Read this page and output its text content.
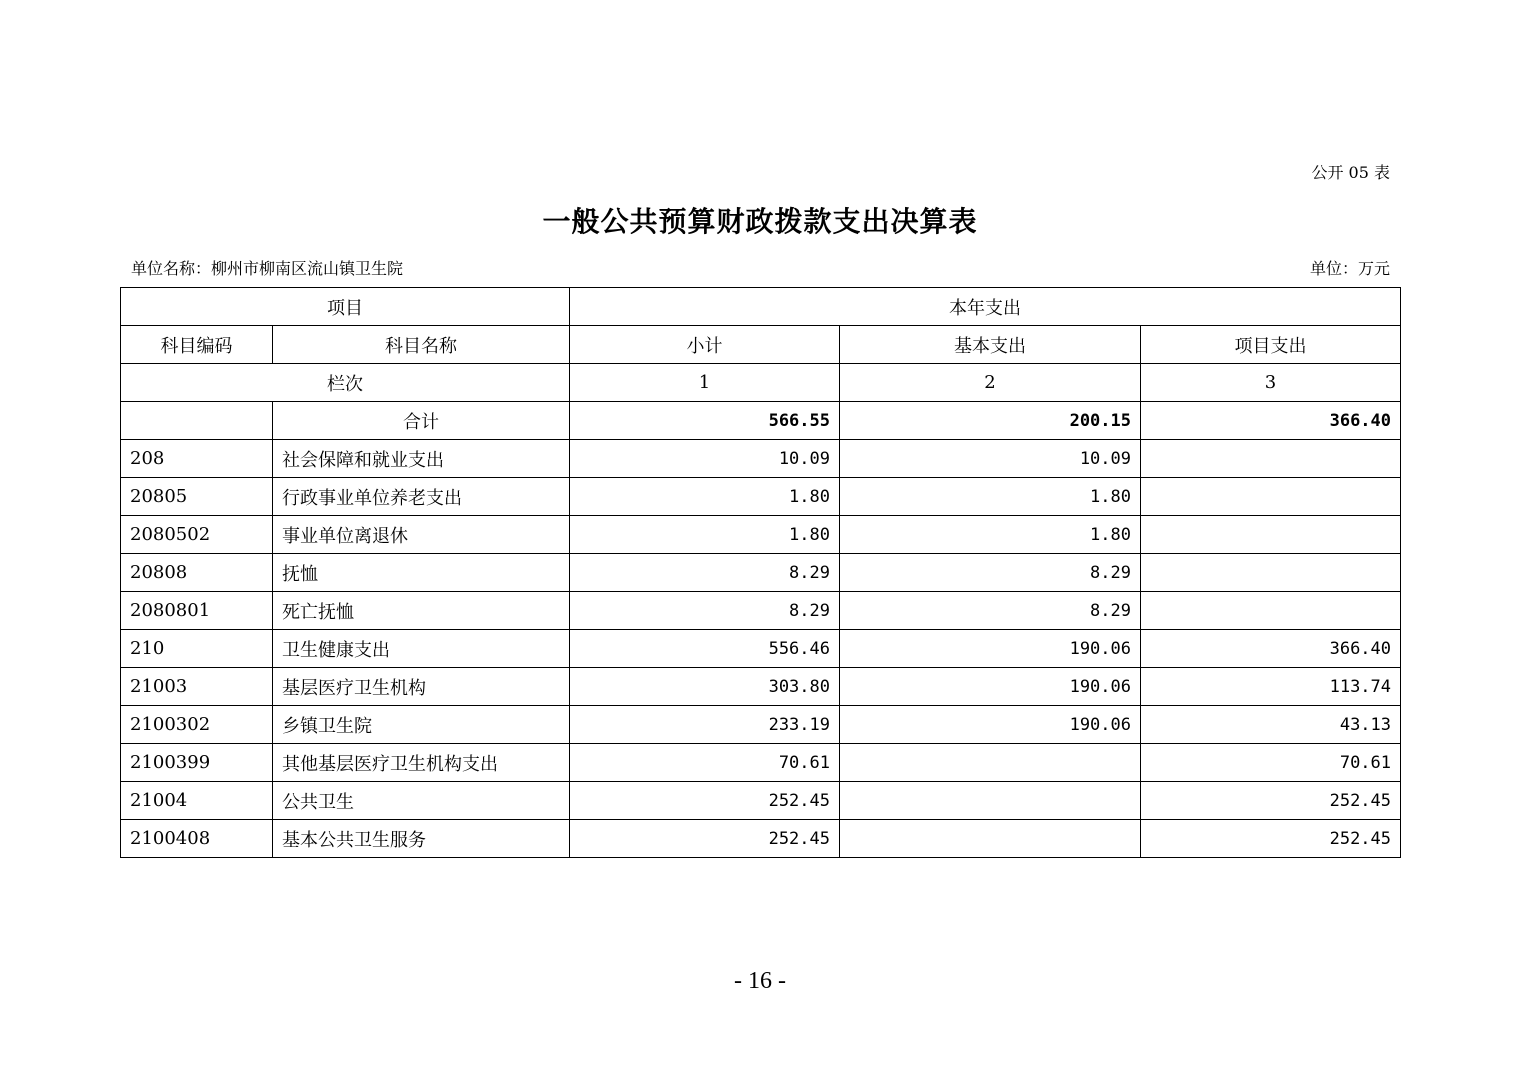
公开 05 表
一般公共预算财政拨款支出决算表
单位名称：柳州市柳南区流山镇卫生院	单位：万元
项目		本年支出		
科目编码	科目名称	小计	基本支出	项目支出
栏次		1	2	3
	合计	566.55	200.15	366.40
208	社会保障和就业支出	10.09	10.09	
20805	行政事业单位养老支出	1.80	1.80	
2080502	事业单位离退休	1.80	1.80	
20808	抚恤	8.29	8.29	
2080801	死亡抚恤	8.29	8.29	
210	卫生健康支出	556.46	190.06	366.40
21003	基层医疗卫生机构	303.80	190.06	113.74
2100302	乡镇卫生院	233.19	190.06	43.13
2100399	其他基层医疗卫生机构支出	70.61		70.61
21004	公共卫生	252.45		252.45
2100408	基本公共卫生服务	252.45		252.45
- 16 -
